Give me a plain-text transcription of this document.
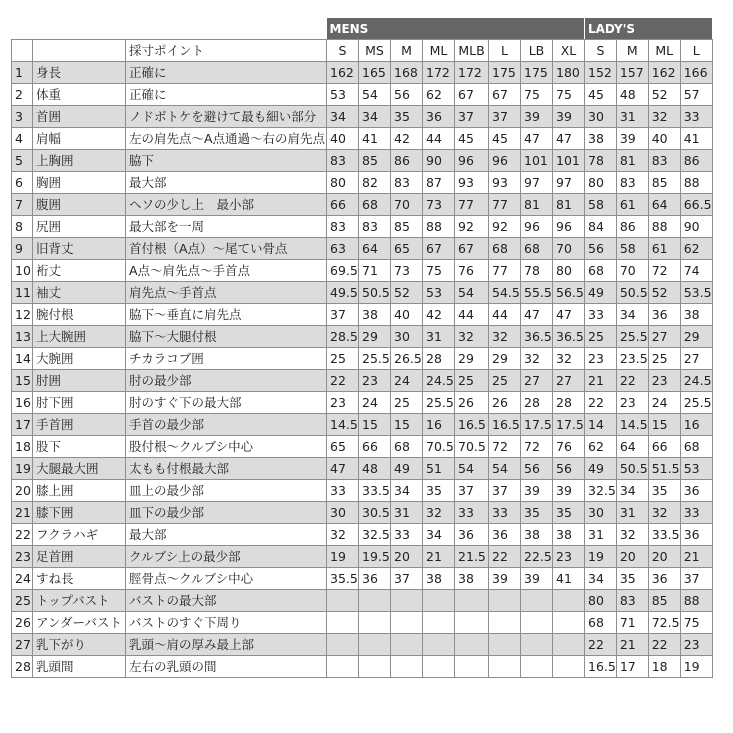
			MENS								LADY'S			
		採寸ポイント	S	MS	M	ML	MLB	L	LB	XL	S	M	ML	L
1	身長	正確に	162	165	168	172	172	175	175	180	152	157	162	166
2	体重	正確に	53	54	56	62	67	67	75	75	45	48	52	57
3	首囲	ノドボトケを避けて最も細い部分	34	34	35	36	37	37	39	39	30	31	32	33
4	肩幅	左の肩先点～A点通過～右の肩先点	40	41	42	44	45	45	47	47	38	39	40	41
5	上胸囲	脇下	83	85	86	90	96	96	101	101	78	81	83	86
6	胸囲	最大部	80	82	83	87	93	93	97	97	80	83	85	88
7	腹囲	ヘソの少し上　最小部	66	68	70	73	77	77	81	81	58	61	64	66.5
8	尻囲	最大部を一周	83	83	85	88	92	92	96	96	84	86	88	90
9	旧背丈	首付根（A点）～尾てい骨点	63	64	65	67	67	68	68	70	56	58	61	62
10	裄丈	A点～肩先点～手首点	69.5	71	73	75	76	77	78	80	68	70	72	74
11	袖丈	肩先点～手首点	49.5	50.5	52	53	54	54.5	55.5	56.5	49	50.5	52	53.5
12	腕付根	脇下～垂直に肩先点	37	38	40	42	44	44	47	47	33	34	36	38
13	上大腕囲	脇下～大腿付根	28.5	29	30	31	32	32	36.5	36.5	25	25.5	27	29
14	大腕囲	チカラコブ囲	25	25.5	26.5	28	29	29	32	32	23	23.5	25	27
15	肘囲	肘の最少部	22	23	24	24.5	25	25	27	27	21	22	23	24.5
16	肘下囲	肘のすぐ下の最大部	23	24	25	25.5	26	26	28	28	22	23	24	25.5
17	手首囲	手首の最少部	14.5	15	15	16	16.5	16.5	17.5	17.5	14	14.5	15	16
18	股下	股付根～クルブシ中心	65	66	68	70.5	70.5	72	72	76	62	64	66	68
19	大腿最大囲	太もも付根最大部	47	48	49	51	54	54	56	56	49	50.5	51.5	53
20	膝上囲	皿上の最少部	33	33.5	34	35	37	37	39	39	32.5	34	35	36
21	膝下囲	皿下の最少部	30	30.5	31	32	33	33	35	35	30	31	32	33
22	フクラハギ	最大部	32	32.5	33	34	36	36	38	38	31	32	33.5	36
23	足首囲	クルブシ上の最少部	19	19.5	20	21	21.5	22	22.5	23	19	20	20	21
24	すね長	脛骨点～クルブシ中心	35.5	36	37	38	38	39	39	41	34	35	36	37
25	トップバスト	バストの最大部									80	83	85	88
26	アンダーバスト	バストのすぐ下周り									68	71	72.5	75
27	乳下がり	乳頭～肩の厚み最上部									22	21	22	23
28	乳頭間	左右の乳頭の間									16.5	17	18	19
